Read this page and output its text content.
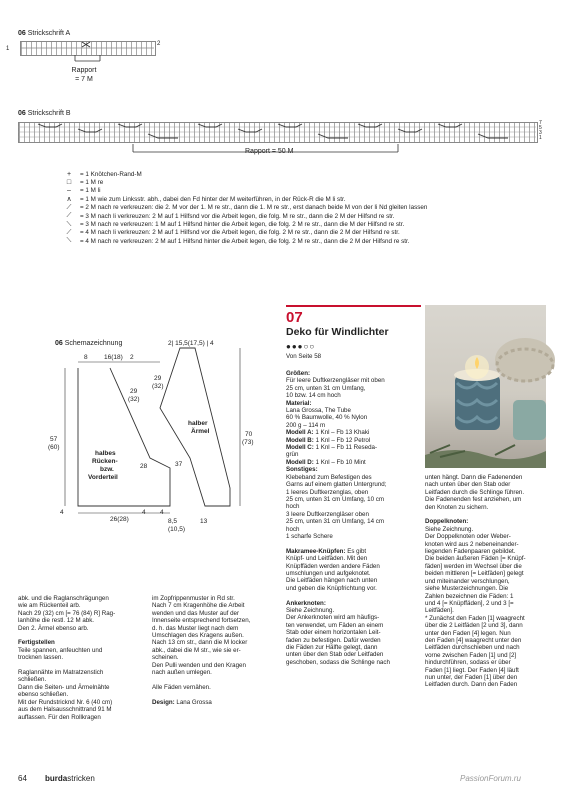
06 Strickschrift A
1
2
Rapport
= 7 M
06 Strickschrift B
7
5
3
1
Rapport = 50 M
+	= 1 Knötchen-Rand-M
□	= 1 M re
–	= 1 M li
∧	= 1 M wie zum Linksstr. abh., dabei den Fd hinter der M weiterführen, in der Rück-R die M li str.
⟋	= 2 M nach re verkreuzen: die 2. M vor der 1. M re str., dann die 1. M re str., erst danach beide M von der li Nd gleiten lassen
⟋	= 3 M nach li verkreuzen: 2 M auf 1 Hilfsnd vor die Arbeit legen, die folg. M re str., dann die 2 M der Hilfsnd re str.
⟍	= 3 M nach re verkreuzen: 1 M auf 1 Hilfsnd hinter die Arbeit legen, die folg. 2 M re str., dann die M der Hilfsnd re str.
⟋	= 4 M nach li verkreuzen: 2 M auf 1 Hilfsnd vor die Arbeit legen, die folg. 2 M re str., dann die 2 M der Hilfsnd re str.
⟍	= 4 M nach re verkreuzen: 2 M auf 1 Hilfsnd hinter die Arbeit legen, die folg. 2 M re str., dann die 2 M der Hilfsnd re str.
06 Schemazeichnung
8	16(18) 2
29
(32)
57
(60)
halbes
Rücken-
bzw.
Vorderteil
28
4
26(28)
4 4
2| 15,5(17,5) | 4
29
(32)
halber
Ärmel	70
(73)
37
8,5
(10,5)
13

abk. und die Raglanschrägungen

wie am Rückenteil arb.

Nach 29 (32) cm [= 76 (84) R] Rag-

lanhöhe die restl. 12 M abk.

Den 2. Ärmel ebenso arb.

Fertigstellen

Teile spannen, anfeuchten und

trocknen lassen.

Raglannähte im Matratzenstich

schließen.

Dann die Seiten- und Ärmelnähte

ebenso schließen.

Mit der Rundstricknd Nr. 6 (40 cm)

aus dem Halsausschnittrand 91 M

auffassen. Für den Rollkragen

im Zopfrippenmuster in Rd str.

Nach 7 cm Kragenhöhe die Arbeit

wenden und das Muster auf der

Innenseite entsprechend fortsetzen,

d. h. das Muster liegt nach dem

Umschlagen des Kragens außen.

Nach 13 cm str., dann die M locker

abk., dabei die M str., wie sie er-

scheinen.

Den Pulli wenden und den Kragen

nach außen umlegen.

Alle Fäden vernähen.

Design: Lana Grossa

07
Deko für Windlichter
●●●○○
Von Seite 58

Größen:

Für leere Duftkerzengläser mit oben

25 cm, unten 31 cm Umfang,

10 bzw. 14 cm hoch

Material:

Lana Grossa, The Tube

60 % Baumwolle, 40 % Nylon

200 g – 114 m

Modell A: 1 Knl – Fb 13 Khaki

Modell B: 1 Knl – Fb 12 Petrol

Modell C: 1 Knl – Fb 11 Reseda-

grün

Modell D: 1 Knl – Fb 10 Mint

Sonstiges:

Klebeband zum Befestigen des

Garns auf einem glatten Untergrund;

1 leeres Duftkerzenglas, oben

25 cm, unten 31 cm Umfang, 10 cm

hoch

3 leere Duftkerzengläser oben

25 cm, unten 31 cm Umfang, 14 cm

hoch

1 scharfe Schere

Makramee-Knüpfen: Es gibt

Knüpf- und Leitfäden. Mit den

Knüpffäden werden andere Fäden

umschlungen und aufgeknotet.

Die Leitfäden hängen nach unten

und geben die Knüpfrichtung vor.

Ankerknoten:

Siehe Zeichnung.

Der Ankerknoten wird am häufigs-

ten verwendet, um Fäden an einem

Stab oder einem horizontalen Leit-

faden zu befestigen. Dafür werden

die Fäden zur Hälfte gelegt, dann

unten über den Stab oder Leitfaden

geschoben, sodass die Schlinge nach

unten hängt. Dann die Fadenenden

nach unten über den Stab oder

Leitfaden durch die Schlinge führen.

Die Fadenenden fest anziehen, um

den Knoten zu sichern.

Doppelknoten:

Siehe Zeichnung.

Der Doppelknoten oder Weber-

knoten wird aus 2 nebeneinander-

liegenden Fadenpaaren gebildet.

Die beiden äußeren Fäden [= Knüpf-

fäden] werden im Wechsel über die

beiden mittleren [= Leitfäden] gelegt

und miteinander verschlungen,

siehe Musterzeichnungen. Die

Zahlen bezeichnen die Fäden: 1

und 4 [= Knüpffäden], 2 und 3 [=

Leitfäden].

* Zunächst den Faden [1] waagrecht

über die 2 Leitfäden [2 und 3], dann

unter den Faden [4] legen. Nun

den Faden [4] waagrecht unter den

Leitfäden durchschieben und nach

vorne zwischen Faden [1] und [2]

hindurchführen, sodass er über

Faden [1] liegt. Der Faden [4] läuft

nun unter, der Faden [1] über den

Leitfaden durch. Dann den Faden

64 burdastricken	PassionForum.ru
